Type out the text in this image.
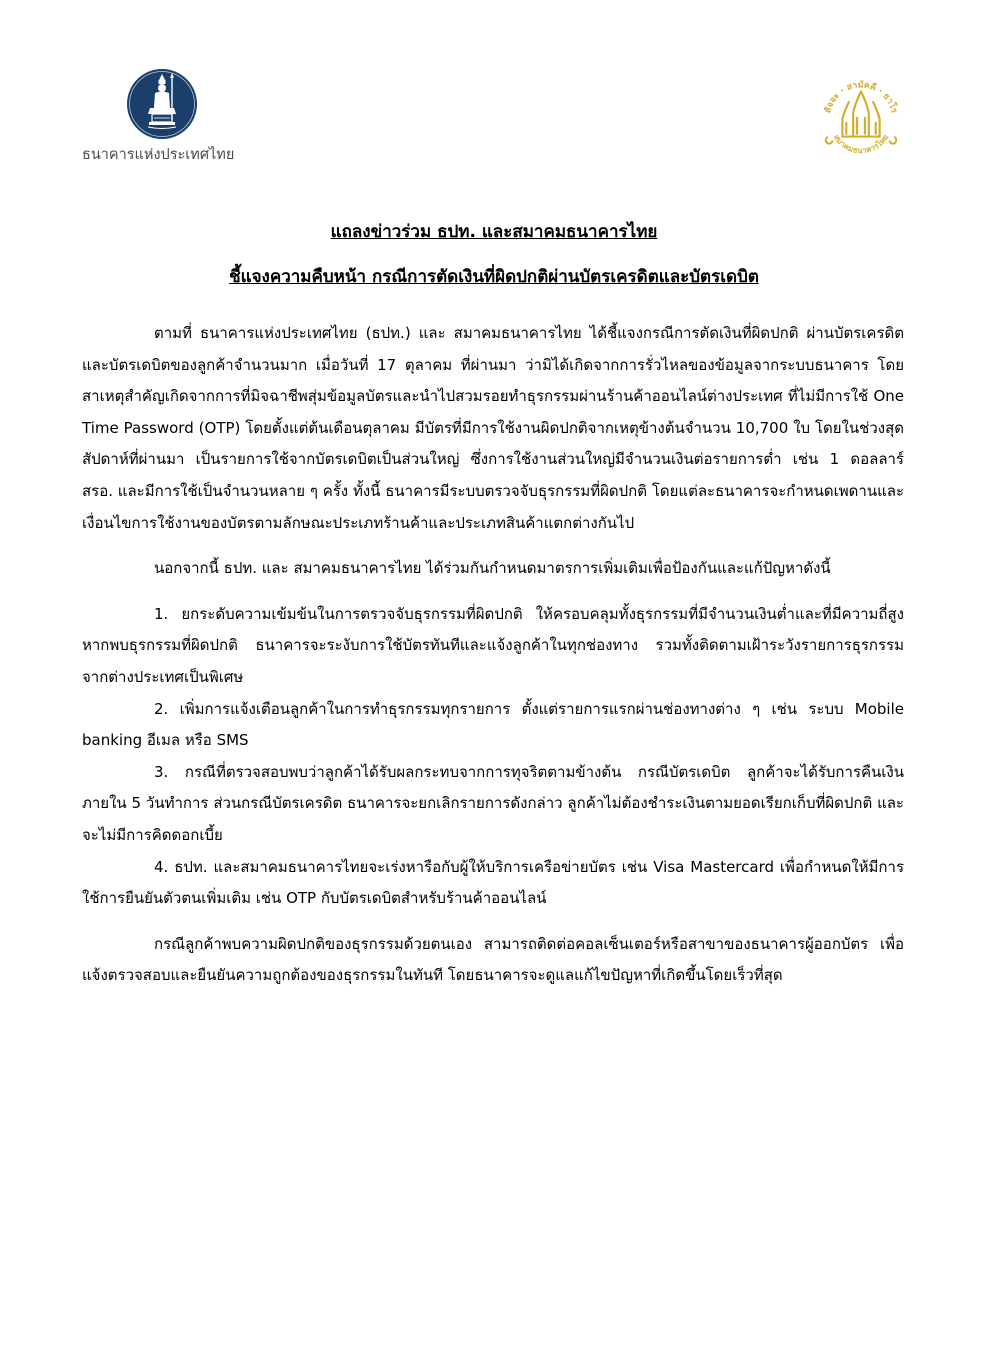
ธนาคารแห่งประเทศไทย
สัจจะ · สามัคคี · ธาโร
สมาคมธนาคารไทย
แถลงข่าวร่วม ธปท. และสมาคมธนาคารไทย
ชี้แจงความคืบหน้า กรณีการตัดเงินที่ผิดปกติผ่านบัตรเครดิตและบัตรเดบิต

ตามที่ ธนาคารแห่งประเทศไทย (ธปท.) และ สมาคมธนาคารไทย ได้ชี้แจงกรณีการตัดเงินที่ผิดปกติ ผ่านบัตรเครดิตและบัตรเดบิตของลูกค้าจำนวนมาก เมื่อวันที่ 17 ตุลาคม ที่ผ่านมา ว่ามิได้เกิดจากการรั่วไหลของข้อมูลจากระบบธนาคาร โดยสาเหตุสำคัญเกิดจากการที่มิจฉาชีพสุ่มข้อมูลบัตรและนำไปสวมรอยทำธุรกรรมผ่านร้านค้าออนไลน์ต่างประเทศ ที่ไม่มีการใช้ One Time Password (OTP) โดยตั้งแต่ต้นเดือนตุลาคม มีบัตรที่มีการใช้งานผิดปกติจากเหตุข้างต้นจำนวน 10,700 ใบ โดยในช่วงสุดสัปดาห์ที่ผ่านมา เป็นรายการใช้จากบัตรเดบิตเป็นส่วนใหญ่ ซึ่งการใช้งานส่วนใหญ่มีจำนวนเงินต่อรายการต่ำ เช่น 1 ดอลลาร์ สรอ. และมีการใช้เป็นจำนวนหลาย ๆ ครั้ง ทั้งนี้ ธนาคารมีระบบตรวจจับธุรกรรมที่ผิดปกติ โดยแต่ละธนาคารจะกำหนดเพดานและเงื่อนไขการใช้งานของบัตรตามลักษณะประเภทร้านค้าและประเภทสินค้าแตกต่างกันไป

นอกจากนี้ ธปท. และ สมาคมธนาคารไทย ได้ร่วมกันกำหนดมาตรการเพิ่มเติมเพื่อป้องกันและแก้ปัญหาดังนี้

1. ยกระดับความเข้มข้นในการตรวจจับธุรกรรมที่ผิดปกติ ให้ครอบคลุมทั้งธุรกรรมที่มีจำนวนเงินต่ำและที่มีความถี่สูง หากพบธุรกรรมที่ผิดปกติ ธนาคารจะระงับการใช้บัตรทันทีและแจ้งลูกค้าในทุกช่องทาง รวมทั้งติดตามเฝ้าระวังรายการธุรกรรมจากต่างประเทศเป็นพิเศษ

2. เพิ่มการแจ้งเตือนลูกค้าในการทำธุรกรรมทุกรายการ ตั้งแต่รายการแรกผ่านช่องทางต่าง ๆ เช่น ระบบ Mobile banking อีเมล หรือ SMS

3. กรณีที่ตรวจสอบพบว่าลูกค้าได้รับผลกระทบจากการทุจริตตามข้างต้น กรณีบัตรเดบิต ลูกค้าจะได้รับการคืนเงินภายใน 5 วันทำการ ส่วนกรณีบัตรเครดิต ธนาคารจะยกเลิกรายการดังกล่าว ลูกค้าไม่ต้องชำระเงินตามยอดเรียกเก็บที่ผิดปกติ และจะไม่มีการคิดดอกเบี้ย

4. ธปท. และสมาคมธนาคารไทยจะเร่งหารือกับผู้ให้บริการเครือข่ายบัตร เช่น Visa Mastercard เพื่อกำหนดให้มีการใช้การยืนยันตัวตนเพิ่มเติม เช่น OTP กับบัตรเดบิตสำหรับร้านค้าออนไลน์

กรณีลูกค้าพบความผิดปกติของธุรกรรมด้วยตนเอง สามารถติดต่อคอลเซ็นเตอร์หรือสาขาของธนาคารผู้ออกบัตร เพื่อแจ้งตรวจสอบและยืนยันความถูกต้องของธุรกรรมในทันที โดยธนาคารจะดูแลแก้ไขปัญหาที่เกิดขึ้นโดยเร็วที่สุด
